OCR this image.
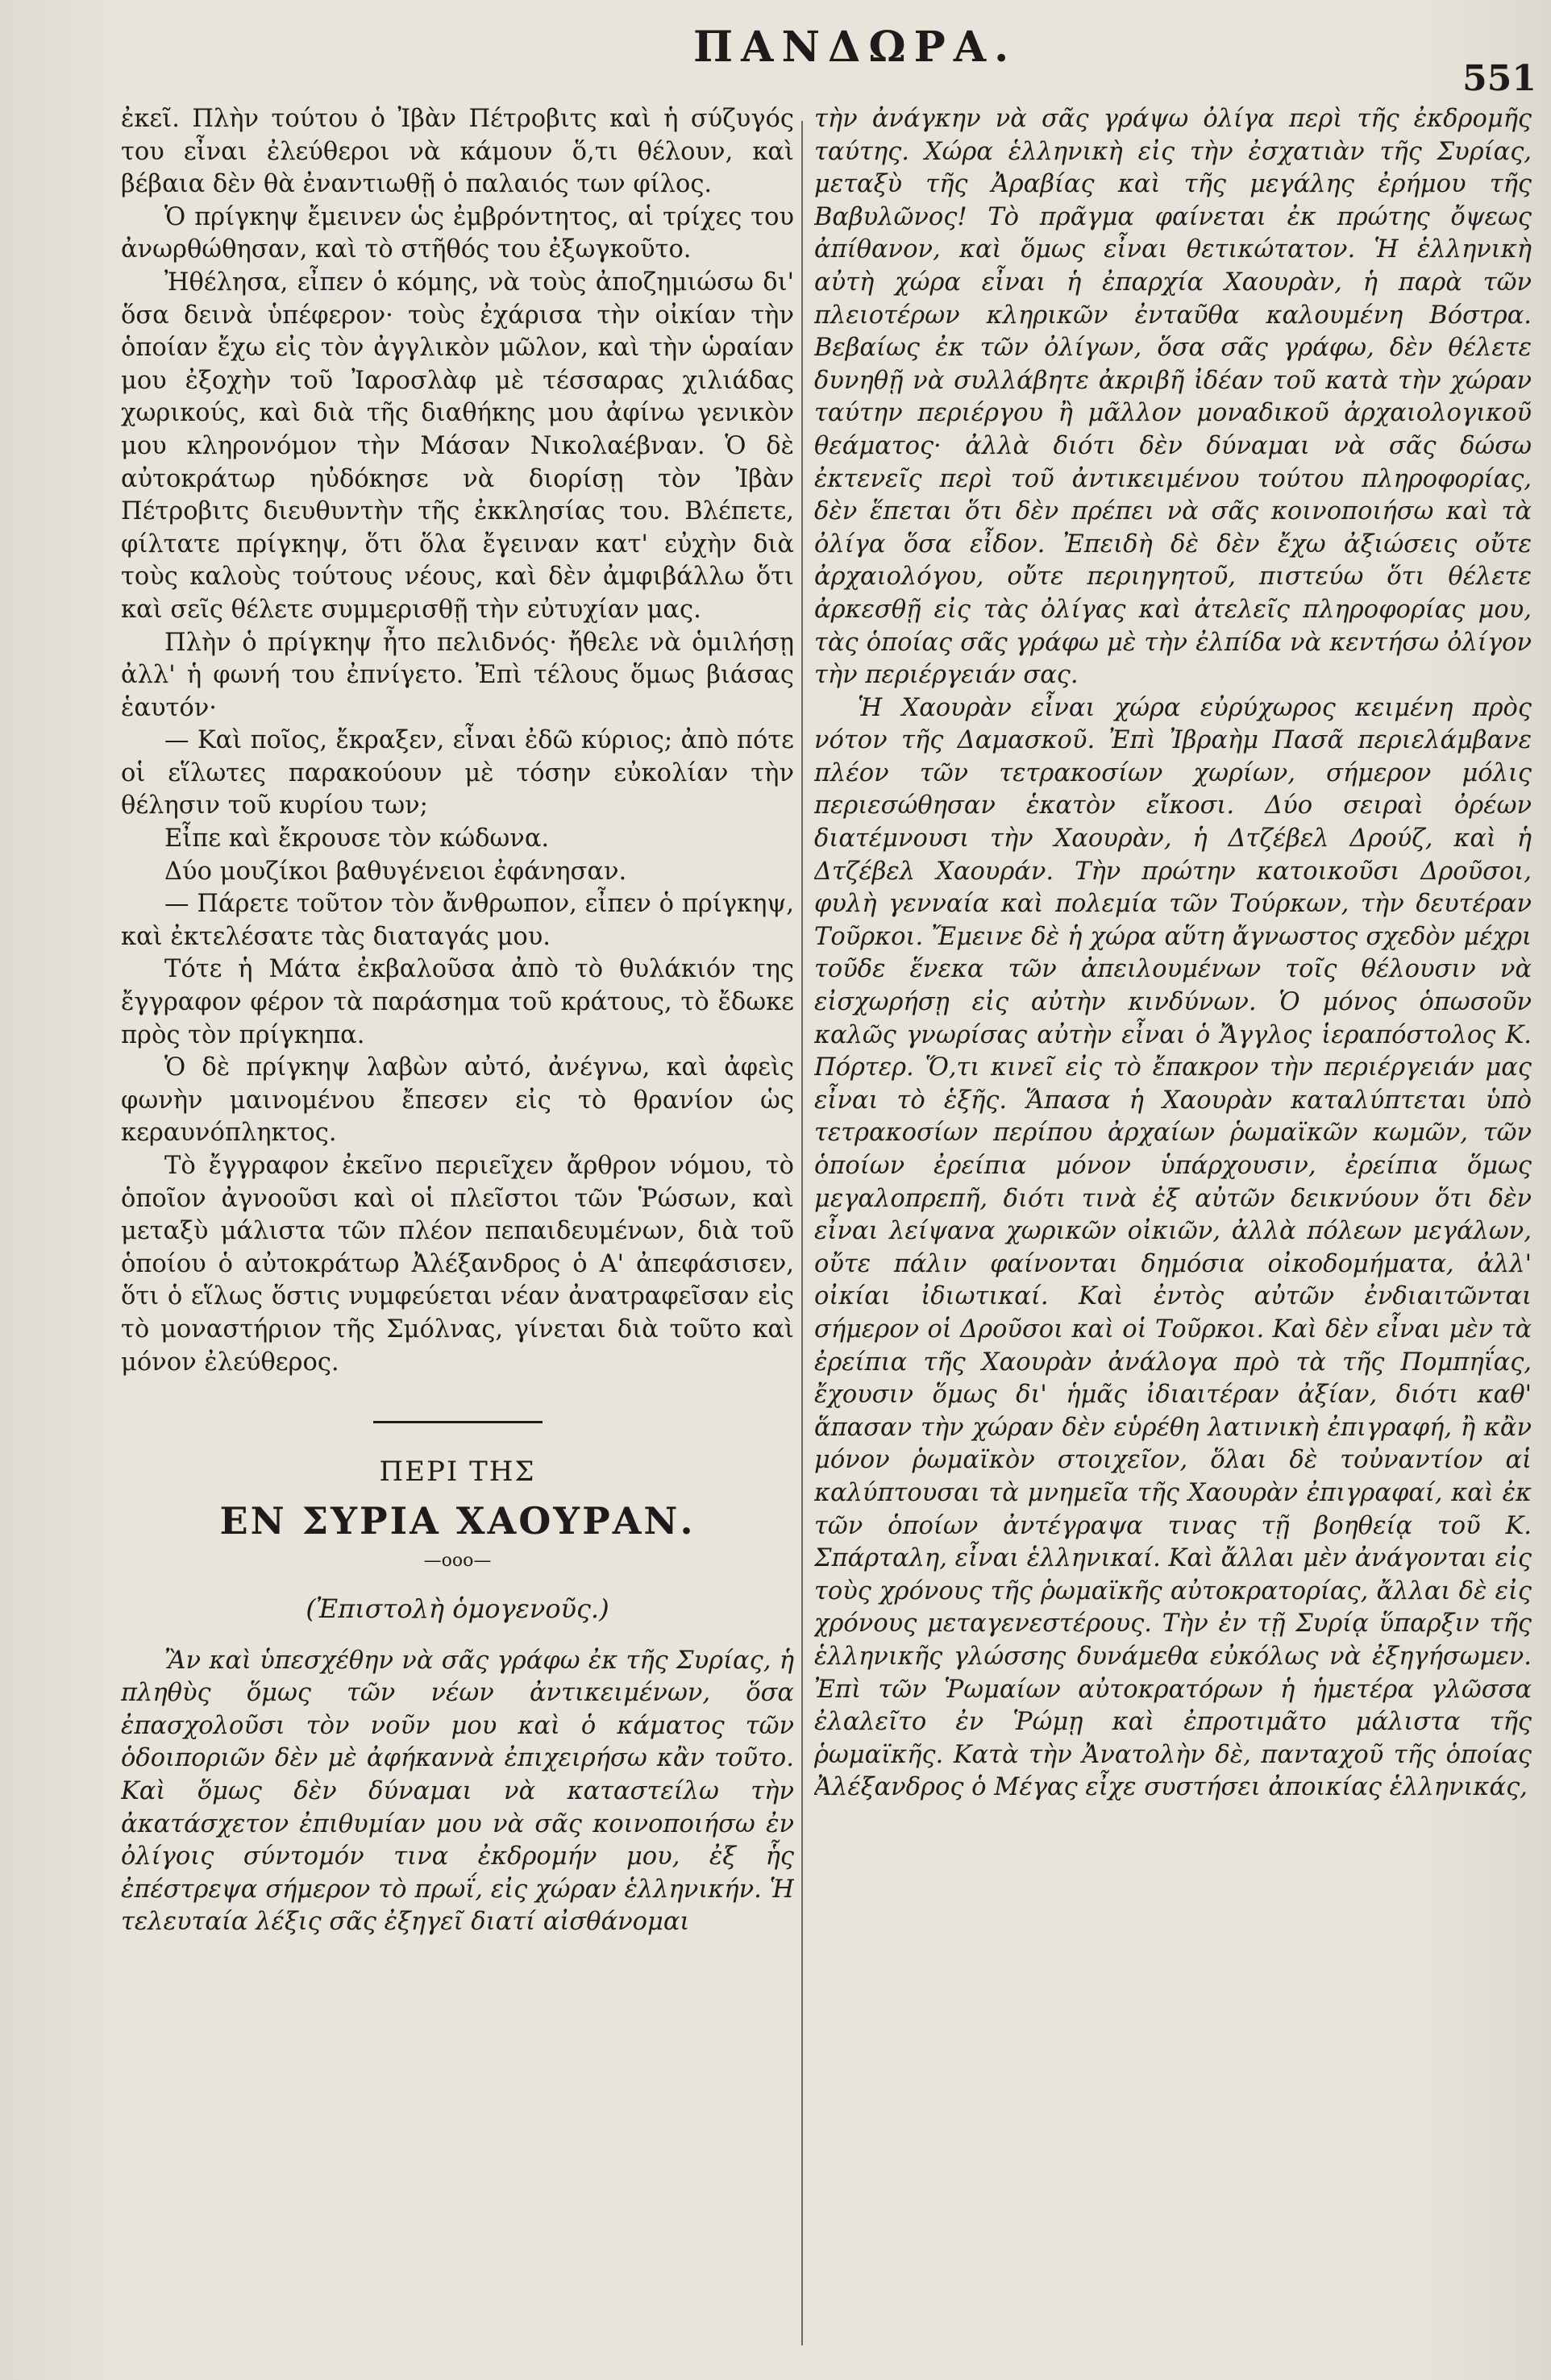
ΠΑΝΔΩΡΑ.
551

ἐκεῖ. Πλὴν τούτου ὁ Ἰβὰν Πέτροβιτς καὶ ἡ σύζυγός του εἶναι ἐλεύθεροι νὰ κάμουν ὅ,τι θέλουν, καὶ βέβαια δὲν θὰ ἐναντιωθῇ ὁ παλαιός των φίλος.

Ὁ πρίγκηψ ἔμεινεν ὡς ἐμβρόντητος, αἱ τρίχες του ἀνωρθώθησαν, καὶ τὸ στῆθός του ἐξωγκοῦτο.

Ἠθέλησα, εἶπεν ὁ κόμης, νὰ τοὺς ἀποζημιώσω δι' ὅσα δεινὰ ὑπέφερον· τοὺς ἐχάρισα τὴν οἰκίαν τὴν ὁποίαν ἔχω εἰς τὸν ἀγγλικὸν μῶλον, καὶ τὴν ὡραίαν μου ἐξοχὴν τοῦ Ἰαροσλὰφ μὲ τέσσαρας χιλιάδας χωρικούς, καὶ διὰ τῆς διαθήκης μου ἀφίνω γενικὸν μου κληρονόμον τὴν Μάσαν Νικολαέβναν. Ὁ δὲ αὐτοκράτωρ ηὐδόκησε νὰ διορίσῃ τὸν Ἰβὰν Πέτροβιτς διευθυντὴν τῆς ἐκκλησίας του. Βλέπετε, φίλτατε πρίγκηψ, ὅτι ὅλα ἔγειναν κατ' εὐχὴν διὰ τοὺς καλοὺς τούτους νέους, καὶ δὲν ἀμφιβάλλω ὅτι καὶ σεῖς θέλετε συμμερισθῇ τὴν εὐτυχίαν μας.

Πλὴν ὁ πρίγκηψ ἦτο πελιδνός· ἤθελε νὰ ὁμιλήσῃ ἀλλ' ἡ φωνή του ἐπνίγετο. Ἐπὶ τέλους ὅμως βιάσας ἑαυτόν·

— Καὶ ποῖος, ἔκραξεν, εἶναι ἐδῶ κύριος; ἀπὸ πότε οἱ εἵλωτες παρακούουν μὲ τόσην εὐκολίαν τὴν θέλησιν τοῦ κυρίου των;

Εἶπε καὶ ἔκρουσε τὸν κώδωνα.

Δύο μουζίκοι βαθυγένειοι ἐφάνησαν.

— Πάρετε τοῦτον τὸν ἄνθρωπον, εἶπεν ὁ πρίγκηψ, καὶ ἐκτελέσατε τὰς διαταγάς μου.

Τότε ἡ Μάτα ἐκβαλοῦσα ἀπὸ τὸ θυλάκιόν της ἔγγραφον φέρον τὰ παράσημα τοῦ κράτους, τὸ ἔδωκε πρὸς τὸν πρίγκηπα.

Ὁ δὲ πρίγκηψ λαβὼν αὐτό, ἀνέγνω, καὶ ἀφεὶς φωνὴν μαινομένου ἔπεσεν εἰς τὸ θρανίον ὡς κεραυνόπληκτος.

Τὸ ἔγγραφον ἐκεῖνο περιεῖχεν ἄρθρον νόμου, τὸ ὁποῖον ἀγνοοῦσι καὶ οἱ πλεῖστοι τῶν Ῥώσων, καὶ μεταξὺ μάλιστα τῶν πλέον πεπαιδευμένων, διὰ τοῦ ὁποίου ὁ αὐτοκράτωρ Ἀλέξανδρος ὁ Α' ἀπεφάσισεν, ὅτι ὁ εἵλως ὅστις νυμφεύεται νέαν ἀνατραφεῖσαν εἰς τὸ μοναστήριον τῆς Σμόλνας, γίνεται διὰ τοῦτο καὶ μόνον ἐλεύθερος.

ΠΕΡΙ ΤΗΣ
ΕΝ ΣΥΡΙΑ ΧΑΟΥΡΑΝ.
—ooo—
(Ἐπιστολὴ ὁμογενοῦς.)

Ἂν καὶ ὑπεσχέθην νὰ σᾶς γράφω ἐκ τῆς Συρίας, ἡ πληθὺς ὅμως τῶν νέων ἀντικειμένων, ὅσα ἐπασχολοῦσι τὸν νοῦν μου καὶ ὁ κάματος τῶν ὁδοιποριῶν δὲν μὲ ἀφήκαννὰ ἐπιχειρήσω κἂν τοῦτο. Καὶ ὅμως δὲν δύναμαι νὰ καταστείλω τὴν ἀκατάσχετον ἐπιθυμίαν μου νὰ σᾶς κοινοποιήσω ἐν ὀλίγοις σύντομόν τινα ἐκδρομήν μου, ἐξ ἧς ἐπέστρεψα σήμερον τὸ πρωΐ, εἰς χώραν ἑλληνικήν. Ἡ τελευταία λέξις σᾶς ἐξηγεῖ διατί αἰσθάνομαι

τὴν ἀνάγκην νὰ σᾶς γράψω ὀλίγα περὶ τῆς ἐκδρομῆς ταύτης. Χώρα ἑλληνικὴ εἰς τὴν ἐσχατιὰν τῆς Συρίας, μεταξὺ τῆς Ἀραβίας καὶ τῆς μεγάλης ἐρήμου τῆς Βαβυλῶνος! Τὸ πρᾶγμα φαίνεται ἐκ πρώτης ὄψεως ἀπίθανον, καὶ ὅμως εἶναι θετικώτατον. Ἡ ἑλληνικὴ αὐτὴ χώρα εἶναι ἡ ἐπαρχία Χαουρὰν, ἡ παρὰ τῶν πλειοτέρων κληρικῶν ἐνταῦθα καλουμένη Βόστρα. Βεβαίως ἐκ τῶν ὀλίγων, ὅσα σᾶς γράφω, δὲν θέλετε δυνηθῇ νὰ συλλάβητε ἀκριβῆ ἰδέαν τοῦ κατὰ τὴν χώραν ταύτην περιέργου ἢ μᾶλλον μοναδικοῦ ἀρχαιολογικοῦ θεάματος· ἀλλὰ διότι δὲν δύναμαι νὰ σᾶς δώσω ἐκτενεῖς περὶ τοῦ ἀντικειμένου τούτου πληροφορίας, δὲν ἕπεται ὅτι δὲν πρέπει νὰ σᾶς κοινοποιήσω καὶ τὰ ὀλίγα ὅσα εἶδον. Ἐπειδὴ δὲ δὲν ἔχω ἀξιώσεις οὔτε ἀρχαιολόγου, οὔτε περιηγητοῦ, πιστεύω ὅτι θέλετε ἀρκεσθῇ εἰς τὰς ὀλίγας καὶ ἀτελεῖς πληροφορίας μου, τὰς ὁποίας σᾶς γράφω μὲ τὴν ἐλπίδα νὰ κεντήσω ὀλίγον τὴν περιέργειάν σας.

Ἡ Χαουρὰν εἶναι χώρα εὐρύχωρος κειμένη πρὸς νότον τῆς Δαμασκοῦ. Ἐπὶ Ἰβραὴμ Πασᾶ περιελάμβανε πλέον τῶν τετρακοσίων χωρίων, σήμερον μόλις περιεσώθησαν ἑκατὸν εἴκοσι. Δύο σειραὶ ὀρέων διατέμνουσι τὴν Χαουρὰν, ἡ Δτζέβελ Δρούζ, καὶ ἡ Δτζέβελ Χαουράν. Τὴν πρώτην κατοικοῦσι Δροῦσοι, φυλὴ γενναία καὶ πολεμία τῶν Τούρκων, τὴν δευτέραν Τοῦρκοι. Ἔμεινε δὲ ἡ χώρα αὕτη ἄγνωστος σχεδὸν μέχρι τοῦδε ἕνεκα τῶν ἀπειλουμένων τοῖς θέλουσιν νὰ εἰσχωρήσῃ εἰς αὐτὴν κινδύνων. Ὁ μόνος ὁπωσοῦν καλῶς γνωρίσας αὐτὴν εἶναι ὁ Ἄγγλος ἱεραπόστολος Κ. Πόρτερ. Ὅ,τι κινεῖ εἰς τὸ ἔπακρον τὴν περιέργειάν μας εἶναι τὸ ἑξῆς. Ἅπασα ἡ Χαουρὰν καταλύπτεται ὑπὸ τετρακοσίων περίπου ἀρχαίων ῥωμαϊκῶν κωμῶν, τῶν ὁποίων ἐρείπια μόνον ὑπάρχουσιν, ἐρείπια ὅμως μεγαλοπρεπῆ, διότι τινὰ ἐξ αὐτῶν δεικνύουν ὅτι δὲν εἶναι λείψανα χωρικῶν οἰκιῶν, ἀλλὰ πόλεων μεγάλων, οὔτε πάλιν φαίνονται δημόσια οἰκοδομήματα, ἀλλ' οἰκίαι ἰδιωτικαί. Καὶ ἐντὸς αὐτῶν ἐνδιαιτῶνται σήμερον οἱ Δροῦσοι καὶ οἱ Τοῦρκοι. Καὶ δὲν εἶναι μὲν τὰ ἐρείπια τῆς Χαουρὰν ἀνάλογα πρὸ τὰ τῆς Πομπηΐας, ἔχουσιν ὅμως δι' ἡμᾶς ἰδιαιτέραν ἀξίαν, διότι καθ' ἅπασαν τὴν χώραν δὲν εὑρέθη λατινικὴ ἐπιγραφή, ἢ κἂν μόνον ῥωμαϊκὸν στοιχεῖον, ὅλαι δὲ τοὐναντίον αἱ καλύπτουσαι τὰ μνημεῖα τῆς Χαουρὰν ἐπιγραφαί, καὶ ἐκ τῶν ὁποίων ἀντέγραψα τινας τῇ βοηθείᾳ τοῦ Κ. Σπάρταλη, εἶναι ἑλληνικαί. Καὶ ἄλλαι μὲν ἀνάγονται εἰς τοὺς χρόνους τῆς ῥωμαϊκῆς αὐτοκρατορίας, ἄλλαι δὲ εἰς χρόνους μεταγενεστέρους. Τὴν ἐν τῇ Συρίᾳ ὕπαρξιν τῆς ἑλληνικῆς γλώσσης δυνάμεθα εὐκόλως νὰ ἐξηγήσωμεν. Ἐπὶ τῶν Ῥωμαίων αὐτοκρατόρων ἡ ἡμετέρα γλῶσσα ἐλαλεῖτο ἐν Ῥώμῃ καὶ ἐπροτιμᾶτο μάλιστα τῆς ῥωμαϊκῆς. Κατὰ τὴν Ἀνατολὴν δὲ, πανταχοῦ τῆς ὁποίας Ἀλέξανδρος ὁ Μέγας εἶχε συστήσει ἀποικίας ἑλληνικάς,
